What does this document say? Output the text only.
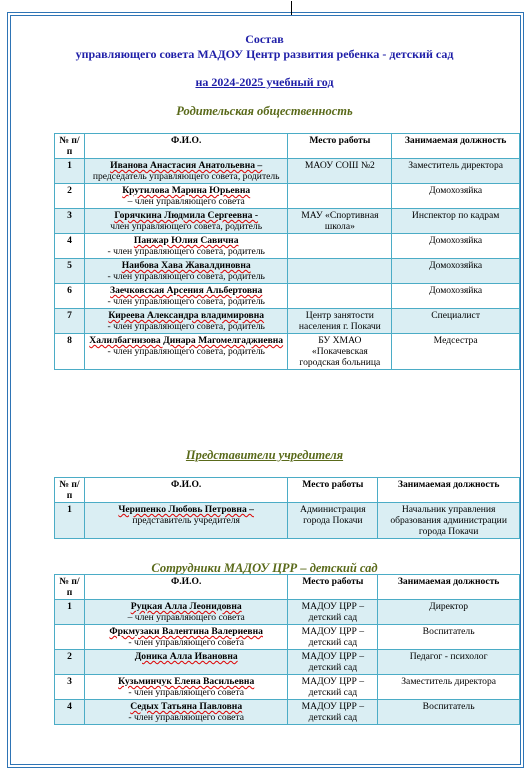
Состав
управляющего совета МАДОУ Центр развития ребенка - детский сад
на 2024-2025 учебный год
Родительская общественность
№ п/п	Ф.И.О.	Место работы	Занимаемая должность
1	Иванова Анастасия Анатольевна –
председатель управляющего совета, родитель	МАОУ СОШ №2	Заместитель директора
2	Крутилова Марина Юрьевна
– член управляющего совета		Домохозяйка
3	Горячкина Людмила Сергеевна -
член управляющего совета, родитель	МАУ «Спортивная школа»	Инспектор по кадрам
4	Панжар Юлия Савична
- член управляющего совета, родитель		Домохозяйка
5	Наибова Хава Жавалдиновна
- член управляющего совета, родитель		Домохозяйка
6	Заечковская Арсения Альбертовна
- член управляющего совета, родитель		Домохозяйка
7	Киреева Александра владимировна
- член управляющего совета, родитель	Центр занятости населения г. Покачи	Специалист
8	Халилбагнизова Динара Магомелгаджиевна
- член управляющего совета, родитель	БУ ХМАО «Покачевская городская больница	Медсестра
Представители учредителя
№ п/п	Ф.И.О.	Место работы	Занимаемая должность
1	Черипенко Любовь Петровна –
представитель учредителя	Администрация города Покачи	Начальник управления образования администрации города Покачи
Сотрудники МАДОУ ЦРР – детский сад
№ п/п	Ф.И.О.	Место работы	Занимаемая должность
1	Руцкая Алла Леонидовна
– член управляющего совета	МАДОУ ЦРР – детский сад	Директор

	Фркмузаки Валентина Валериевна
- член управляющего совета	МАДОУ ЦРР – детский сад	Воспитатель
2	Доника Алла Ивановна	МАДОУ ЦРР – детский сад	Педагог - психолог
3	Кузьминчук Елена Васильевна
- член управляющего совета	МАДОУ ЦРР – детский сад	Заместитель директора
4	Седых Татьяна Павловна
- член управляющего совета	МАДОУ ЦРР – детский сад	Воспитатель
